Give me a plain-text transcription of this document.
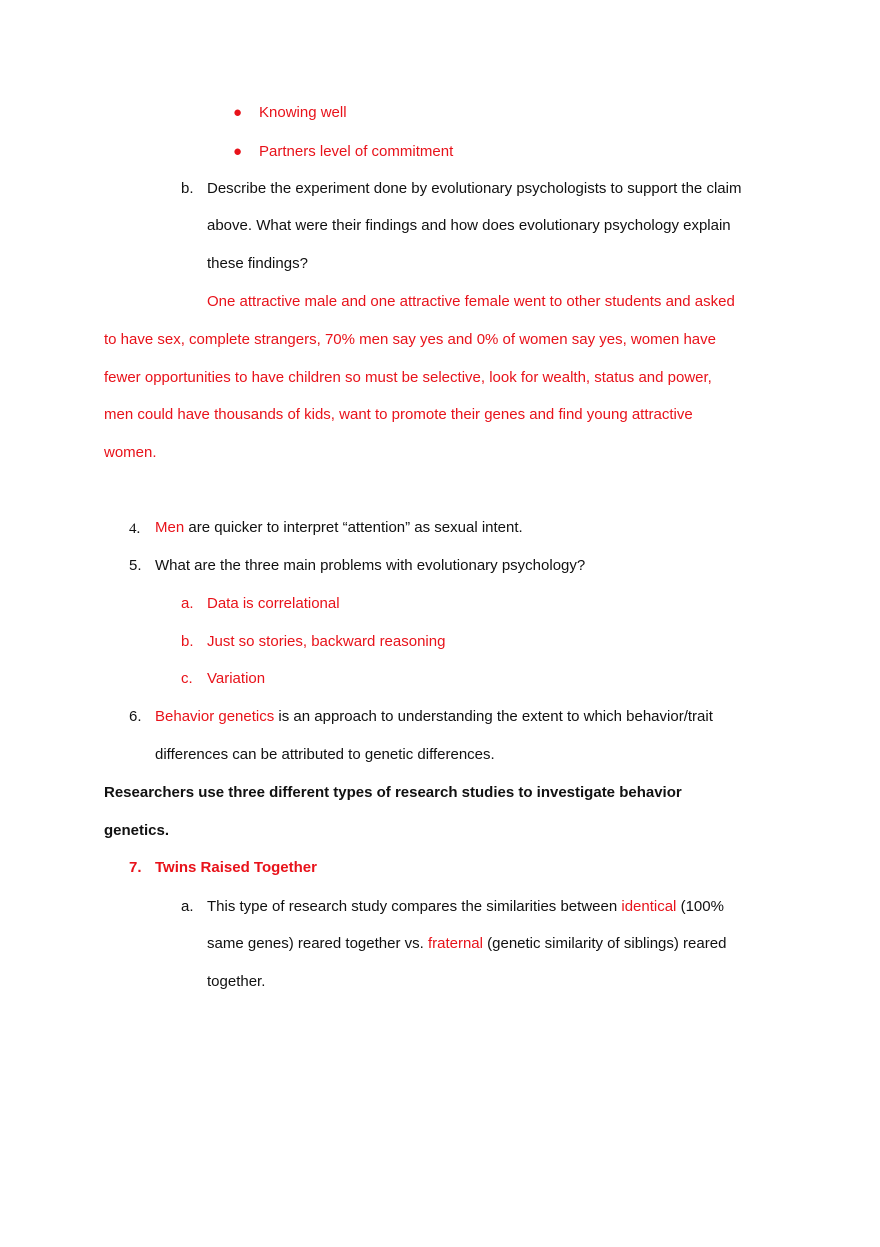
● Knowing well
● Partners level of commitment
b. Describe the experiment done by evolutionary psychologists to support the claim
above. What were their findings and how does evolutionary psychology explain
these findings?
One attractive male and one attractive female went to other students and asked
to have sex, complete strangers, 70% men say yes and 0% of women say yes, women have
fewer opportunities to have children so must be selective, look for wealth, status and power,
men could have thousands of kids, want to promote their genes and find young attractive
women.
4. Men are quicker to interpret “attention” as sexual intent.
5. What are the three main problems with evolutionary psychology?
a. Data is correlational
b. Just so stories, backward reasoning
c. Variation
6. Behavior genetics is an approach to understanding the extent to which behavior/trait
differences can be attributed to genetic differences.
Researchers use three different types of research studies to investigate behavior
genetics.
7. Twins Raised Together
a. This type of research study compares the similarities between identical (100%
same genes) reared together vs. fraternal (genetic similarity of siblings) reared
together.
